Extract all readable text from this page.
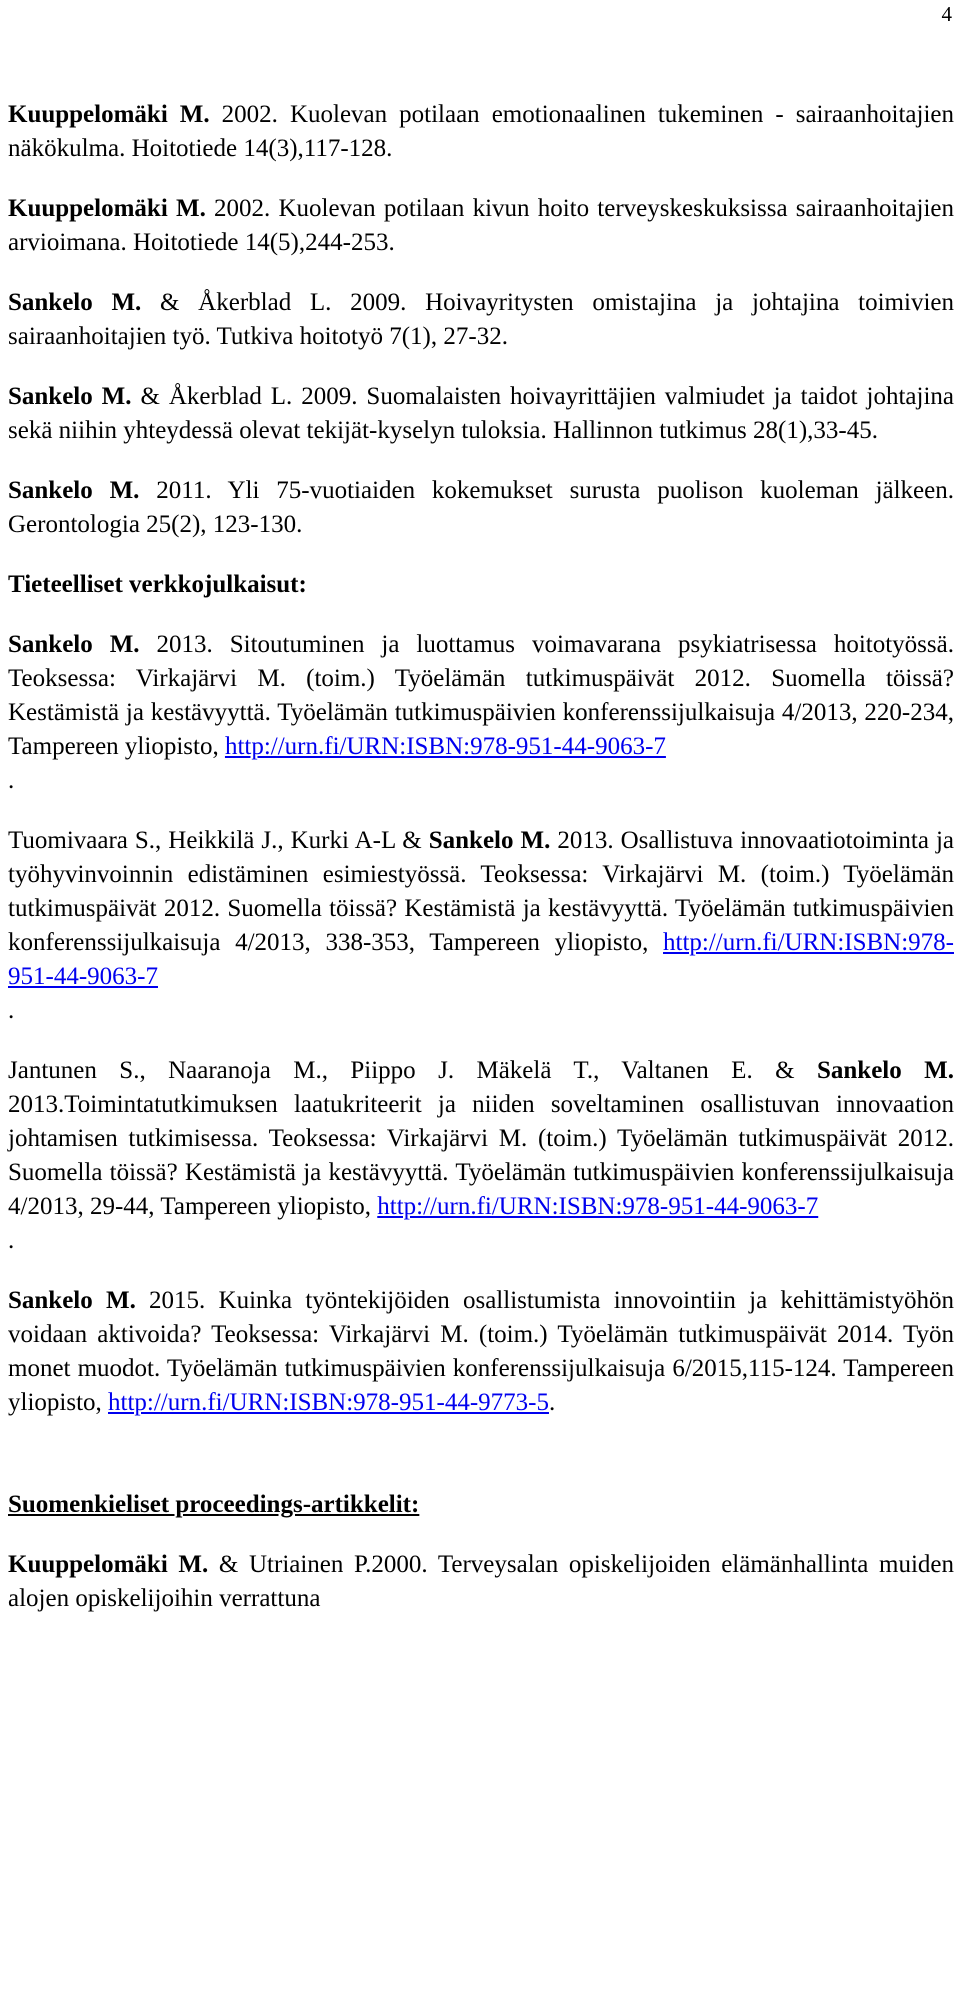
4

Kuuppelomäki M. 2002. Kuolevan potilaan emotionaalinen tukeminen - sairaanhoitajien näkökulma. Hoitotiede 14(3),117-128.

Kuuppelomäki M. 2002. Kuolevan potilaan kivun hoito terveyskeskuksissa sairaanhoitajien arvioimana. Hoitotiede 14(5),244-253.

Sankelo M. & Åkerblad L. 2009. Hoivayritysten omistajina ja johtajina toimivien sairaanhoitajien työ. Tutkiva hoitotyö 7(1), 27-32.

Sankelo M. & Åkerblad L. 2009. Suomalaisten hoivayrittäjien valmiudet ja taidot johtajina sekä niihin yhteydessä olevat tekijät-kyselyn tuloksia. Hallinnon tutkimus 28(1),33-45.

Sankelo M. 2011. Yli 75-vuotiaiden kokemukset surusta puolison kuoleman jälkeen. Gerontologia 25(2), 123-130.

Tieteelliset verkkojulkaisut:

Sankelo M. 2013. Sitoutuminen ja luottamus voimavarana psykiatrisessa hoitotyössä. Teoksessa: Virkajärvi M. (toim.) Työelämän tutkimuspäivät 2012. Suomella töissä? Kestämistä ja kestävyyttä. Työelämän tutkimuspäivien konferenssijulkaisuja 4/2013, 220-234, Tampereen yliopisto, http://urn.fi/URN:ISBN:978-951-44-9063-7
.

Tuomivaara S., Heikkilä J., Kurki A-L & Sankelo M. 2013. Osallistuva innovaatiotoiminta ja työhyvinvoinnin edistäminen esimiestyössä. Teoksessa: Virkajärvi M. (toim.) Työelämän tutkimuspäivät 2012. Suomella töissä? Kestämistä ja kestävyyttä. Työelämän tutkimuspäivien konferenssijulkaisuja 4/2013, 338-353, Tampereen yliopisto, http://urn.fi/URN:ISBN:978-951-44-9063-7
.

Jantunen S., Naaranoja M., Piippo J. Mäkelä T., Valtanen E. & Sankelo M. 2013.Toimintatutkimuksen laatukriteerit ja niiden soveltaminen osallistuvan innovaation johtamisen tutkimisessa. Teoksessa: Virkajärvi M. (toim.) Työelämän tutkimuspäivät 2012. Suomella töissä? Kestämistä ja kestävyyttä. Työelämän tutkimuspäivien konferenssijulkaisuja 4/2013, 29-44, Tampereen yliopisto, http://urn.fi/URN:ISBN:978-951-44-9063-7
.

Sankelo M. 2015. Kuinka työntekijöiden osallistumista innovointiin ja kehittämistyöhön voidaan aktivoida? Teoksessa: Virkajärvi M. (toim.) Työelämän tutkimuspäivät 2014. Työn monet muodot. Työelämän tutkimuspäivien konferenssijulkaisuja 6/2015,115-124. Tampereen yliopisto, http://urn.fi/URN:ISBN:978-951-44-9773-5.

Suomenkieliset proceedings-artikkelit:

Kuuppelomäki M. & Utriainen P.2000. Terveysalan opiskelijoiden elämänhallinta muiden alojen opiskelijoihin verrattuna
